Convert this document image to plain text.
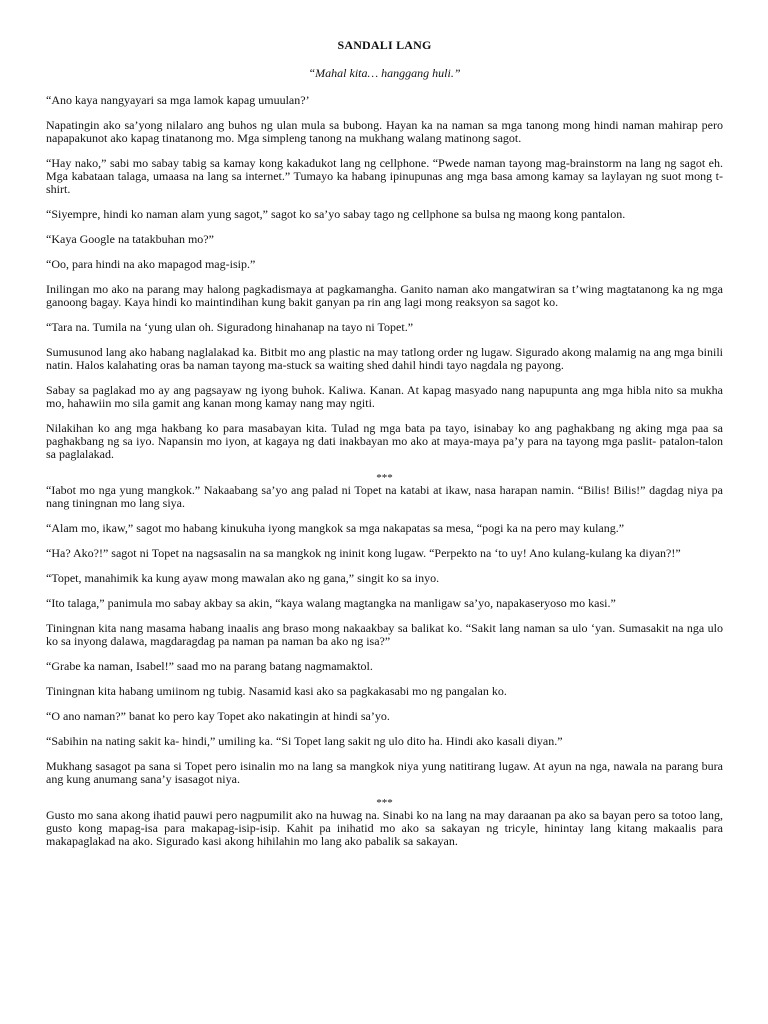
SANDALI LANG
“Mahal kita… hanggang huli.”
“Ano kaya nangyayari sa mga lamok kapag umuulan?’
Napatingin ako sa’yong nilalaro ang buhos ng ulan mula sa bubong. Hayan ka na naman sa mga tanong mong hindi naman mahirap pero napapakunot ako kapag tinatanong mo. Mga simpleng tanong na mukhang walang matinong sagot.
“Hay nako,” sabi mo sabay tabig sa kamay kong kakadukot lang ng cellphone. “Pwede naman tayong mag-brainstorm na lang ng sagot eh. Mga kabataan talaga, umaasa na lang sa internet.” Tumayo ka habang ipinupunas ang mga basa among kamay sa laylayan ng suot mong t-shirt.
“Siyempre, hindi ko naman alam yung sagot,” sagot ko sa’yo sabay tago ng cellphone sa bulsa ng maong kong pantalon.
“Kaya Google na tatakbuhan mo?”
“Oo, para hindi na ako mapagod mag-isip.”
Inilingan mo ako na parang may halong pagkadismaya at pagkamangha. Ganito naman ako mangatwiran sa t’wing magtatanong ka ng mga ganoong bagay. Kaya hindi ko maintindihan kung bakit ganyan pa rin ang lagi mong reaksyon sa sagot ko.
“Tara na. Tumila na ‘yung ulan oh. Siguradong hinahanap na tayo ni Topet.”
Sumusunod lang ako habang naglalakad ka. Bitbit mo ang plastic na may tatlong order ng lugaw. Sigurado akong malamig na ang mga binili natin. Halos kalahating oras ba naman tayong ma-stuck sa waiting shed dahil hindi tayo nagdala ng payong.
Sabay sa paglakad mo ay ang pagsayaw ng iyong buhok. Kaliwa. Kanan. At kapag masyado nang napupunta ang mga hibla nito sa mukha mo, hahawiin mo sila gamit ang kanan mong kamay nang may ngiti.
Nilakihan ko ang mga hakbang ko para masabayan kita. Tulad ng mga bata pa tayo, isinabay ko ang paghakbang ng aking mga paa sa paghakbang ng sa iyo. Napansin mo iyon, at kagaya ng dati inakbayan mo ako at maya-maya pa’y para na tayong mga paslit- patalon-talon sa paglalakad.
***
“Iabot mo nga yung mangkok.” Nakaabang sa’yo ang palad ni Topet na katabi at ikaw, nasa harapan namin. “Bilis! Bilis!” dagdag niya pa nang tiningnan mo lang siya.
“Alam mo, ikaw,” sagot mo habang kinukuha iyong mangkok sa mga nakapatas sa mesa, “pogi ka na pero may kulang.”
“Ha? Ako?!” sagot ni Topet na nagsasalin na sa mangkok ng ininit kong lugaw. “Perpekto na ‘to uy! Ano kulang-kulang ka diyan?!”
“Topet, manahimik ka kung ayaw mong mawalan ako ng gana,” singit ko sa inyo.
“Ito talaga,” panimula mo sabay akbay sa akin, “kaya walang magtangka na manligaw sa’yo, napakaseryoso mo kasi.”
Tiningnan kita nang masama habang inaalis ang braso mong nakaakbay sa balikat ko. “Sakit lang naman sa ulo ‘yan. Sumasakit na nga ulo ko sa inyong dalawa, magdaragdag pa naman pa naman ba ako ng isa?”
“Grabe ka naman, Isabel!” saad mo na parang batang nagmamaktol.
Tiningnan kita habang umiinom ng tubig. Nasamid kasi ako sa pagkakasabi mo ng pangalan ko.
“O ano naman?” banat ko pero kay Topet ako nakatingin at hindi sa’yo.
“Sabihin na nating sakit ka- hindi,” umiling ka. “Si Topet lang sakit ng ulo dito ha. Hindi ako kasali diyan.”
Mukhang sasagot pa sana si Topet pero isinalin mo na lang sa mangkok niya yung natitirang lugaw. At ayun na nga, nawala na parang bura ang kung anumang sana’y isasagot niya.
***
Gusto mo sana akong ihatid pauwi pero nagpumilit ako na huwag na. Sinabi ko na lang na may daraanan pa ako sa bayan pero sa totoo lang, gusto kong mapag-isa para makapag-isip-isip. Kahit pa inihatid mo ako sa sakayan ng tricyle, hinintay lang kitang makaalis para makapaglakad na ako. Sigurado kasi akong hihilahin mo lang ako pabalik sa sakayan.
